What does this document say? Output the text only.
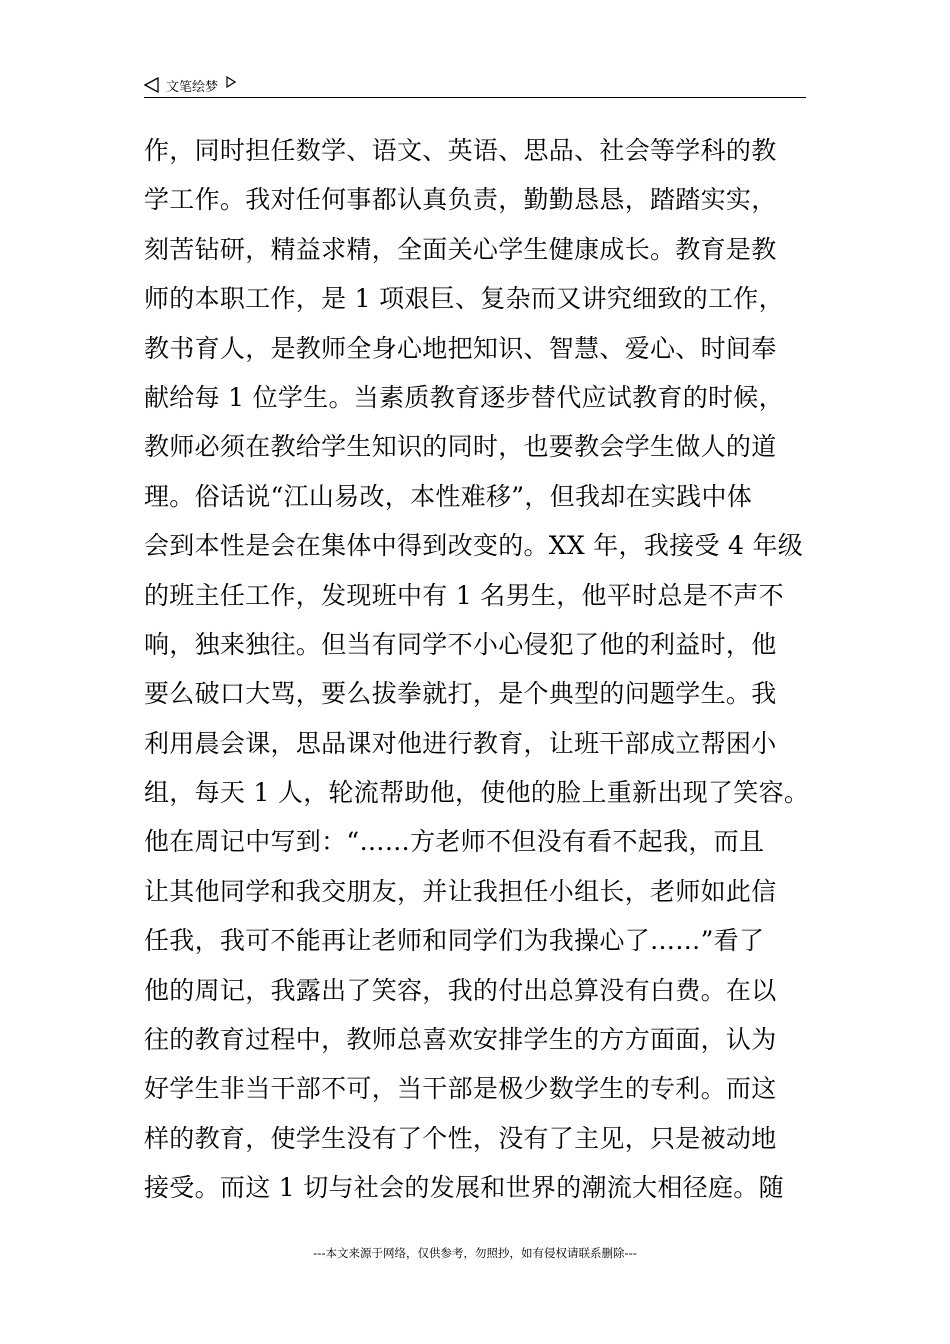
文笔绘梦
作，同时担任数学、语文、英语、思品、社会等学科的教
学工作。我对任何事都认真负责，勤勤恳恳，踏踏实实，
刻苦钻研，精益求精，全面关心学生健康成长。教育是教
师的本职工作，是 1 项艰巨、复杂而又讲究细致的工作，
教书育人，是教师全身心地把知识、智慧、爱心、时间奉
献给每 1 位学生。当素质教育逐步替代应试教育的时候，
教师必须在教给学生知识的同时，也要教会学生做人的道
理。俗话说“江山易改，本性难移”，但我却在实践中体
会到本性是会在集体中得到改变的。XX 年，我接受 4 年级
的班主任工作，发现班中有 1 名男生，他平时总是不声不
响，独来独往。但当有同学不小心侵犯了他的利益时，他
要么破口大骂，要么拔拳就打，是个典型的问题学生。我
利用晨会课，思品课对他进行教育，让班干部成立帮困小
组，每天 1 人，轮流帮助他，使他的脸上重新出现了笑容。
他在周记中写到：“……方老师不但没有看不起我，而且
让其他同学和我交朋友，并让我担任小组长，老师如此信
任我，我可不能再让老师和同学们为我操心了……”看了
他的周记，我露出了笑容，我的付出总算没有白费。在以
往的教育过程中，教师总喜欢安排学生的方方面面，认为
好学生非当干部不可，当干部是极少数学生的专利。而这
样的教育，使学生没有了个性，没有了主见，只是被动地
接受。而这 1 切与社会的发展和世界的潮流大相径庭。随
---本文来源于网络，仅供参考，勿照抄，如有侵权请联系删除---
